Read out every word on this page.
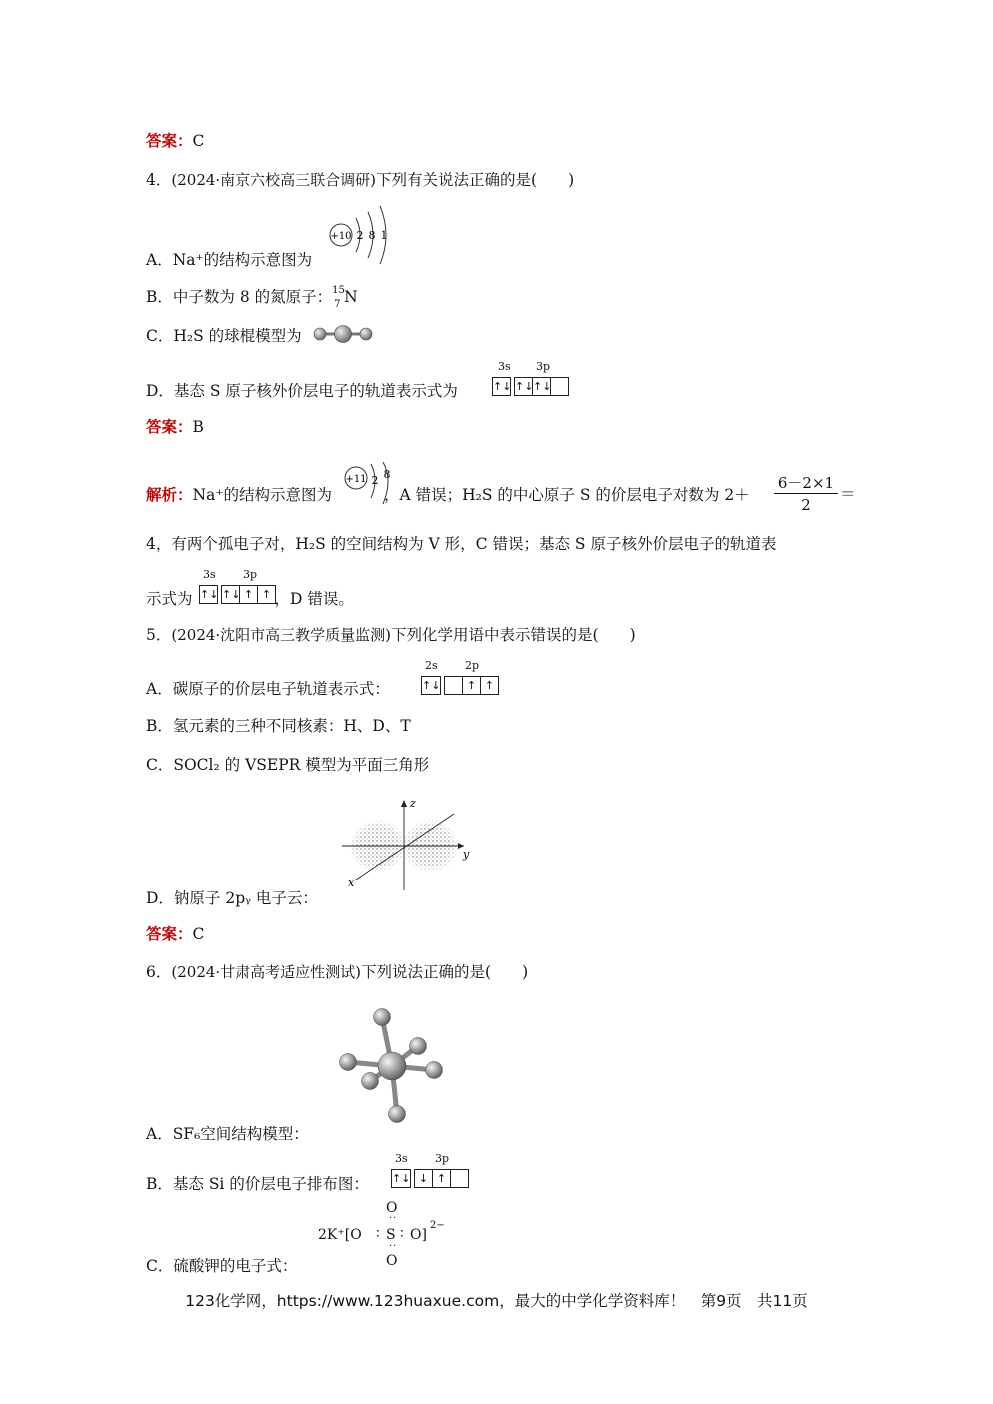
答案：C
4．(2024·南京六校高三联合调研)下列有关说法正确的是(　　)
A．Na⁺的结构示意图为
+10 2 8 1
B．中子数为 8 的氮原子： 15
7 N
C．H₂S 的球棍模型为
D．基态 S 原子核外价层电子的轨道表示式为
3s 3p
↑↓ ↑↓ ↑↓
答案：B
解析：Na⁺的结构示意图为	，A 错误；H₂S 的中心原子 S 的价层电子对数为 2＋
+11 2 8	6－2×1
2
＝
4，有两个孤电子对，H₂S 的空间结构为 V 形，C 错误；基态 S 原子核外价层电子的轨道表
示式为	，D 错误。
3s 3p
↑↓ ↑↓ ↑ ↑
5．(2024·沈阳市高三教学质量监测)下列化学用语中表示错误的是(　　)
A．碳原子的价层电子轨道表示式：
2s 2p
↑↓	↑ ↑
B．氢元素的三种不同核素：H、D、T
C．SOCl₂ 的 VSEPR 模型为平面三角形
z
y
x
D．钠原子 2pᵧ 电子云：
答案：C
6．(2024·甘肃高考适应性测试)下列说法正确的是(　　)
A．SF₆空间结构模型：
B．基态 Si 的价层电子排布图：
3s 3p
↑↓ ↓ ↑
O
2K⁺[O ∶ S ∶ O]
2−
··
··
O
C．硫酸钾的电子式：
123化学网，https://www.123huaxue.com，最大的中学化学资料库！　第9页　共11页
